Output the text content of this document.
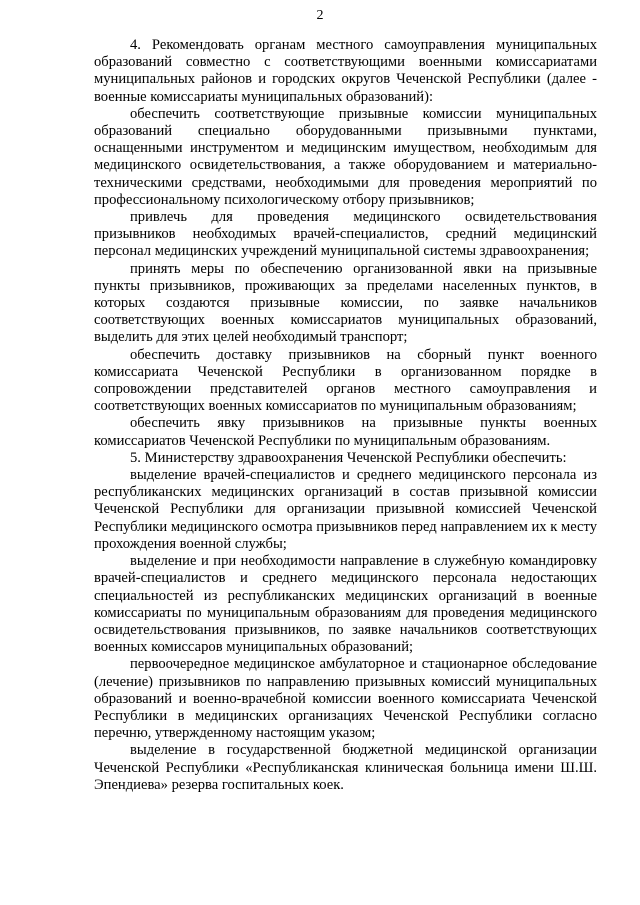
2

4. Рекомендовать органам местного самоуправления муниципальных образований совместно с соответствующими военными комиссариатами муниципальных районов и городских округов Чеченской Республики (далее - военные комиссариаты муниципальных образований):

обеспечить соответствующие призывные комиссии муниципальных образований специально оборудованными призывными пунктами, оснащенными инструментом и медицинским имуществом, необходимым для медицинского освидетельствования, а также оборудованием и материально-техническими средствами, необходимыми для проведения мероприятий по профессиональному психологическому отбору призывников;

привлечь для проведения медицинского освидетельствования призывников необходимых врачей-специалистов, средний медицинский персонал медицинских учреждений муниципальной системы здравоохранения;

принять меры по обеспечению организованной явки на призывные пункты призывников, проживающих за пределами населенных пунктов, в которых создаются призывные комиссии, по заявке начальников соответствующих военных комиссариатов муниципальных образований, выделить для этих целей необходимый транспорт;

обеспечить доставку призывников на сборный пункт военного комиссариата Чеченской Республики в организованном порядке в сопровождении представителей органов местного самоуправления и соответствующих военных комиссариатов по муниципальным образованиям;

обеспечить явку призывников на призывные пункты военных комиссариатов Чеченской Республики по муниципальным образованиям.

5. Министерству здравоохранения Чеченской Республики обеспечить:

выделение врачей-специалистов и среднего медицинского персонала из республиканских медицинских организаций в состав призывной комиссии Чеченской Республики для организации призывной комиссией Чеченской Республики медицинского осмотра призывников перед направлением их к месту прохождения военной службы;

выделение и при необходимости направление в служебную командировку врачей-специалистов и среднего медицинского персонала недостающих специальностей из республиканских медицинских организаций в военные комиссариаты по муниципальным образованиям для проведения медицинского освидетельствования призывников, по заявке начальников соответствующих военных комиссаров муниципальных образований;

первоочередное медицинское амбулаторное и стационарное обследование (лечение) призывников по направлению призывных комиссий муниципальных образований и военно-врачебной комиссии военного комиссариата Чеченской Республики в медицинских организациях Чеченской Республики согласно перечню, утвержденному настоящим указом;

выделение в государственной бюджетной медицинской организации Чеченской Республики «Республиканская клиническая больница имени Ш.Ш. Эпендиева» резерва госпитальных коек.
